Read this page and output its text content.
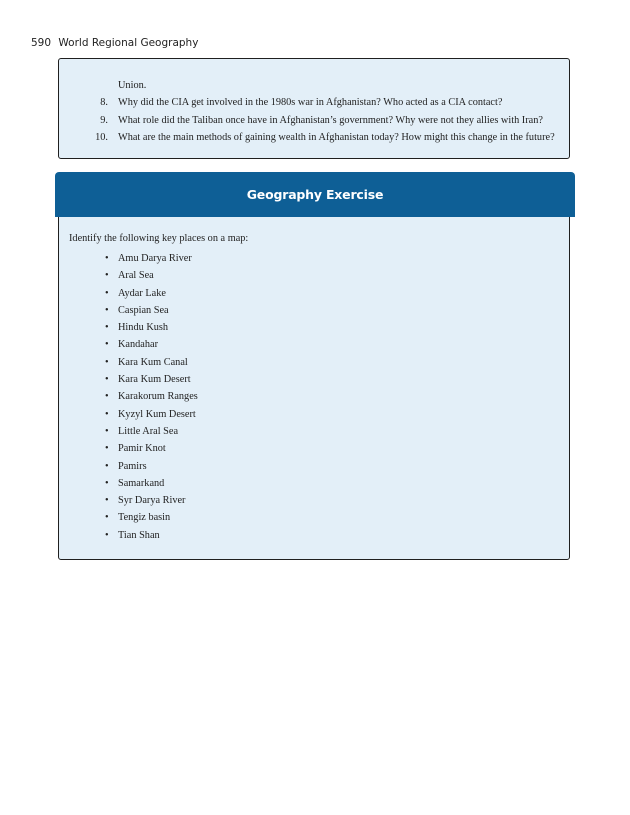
590 World Regional Geography
Union.
8. Why did the CIA get involved in the 1980s war in Afghanistan? Who acted as a CIA contact?
9. What role did the Taliban once have in Afghanistan’s government? Why were not they allies with Iran?
10. What are the main methods of gaining wealth in Afghanistan today? How might this change in the future?
Identify the following key places on a map:
• Amu Darya River
• Aral Sea
• Aydar Lake
• Caspian Sea
• Hindu Kush
• Kandahar
• Kara Kum Canal
• Kara Kum Desert
• Karakorum Ranges
• Kyzyl Kum Desert
• Little Aral Sea
• Pamir Knot
• Pamirs
• Samarkand
• Syr Darya River
• Tengiz basin
• Tian Shan
Geography Exercise
